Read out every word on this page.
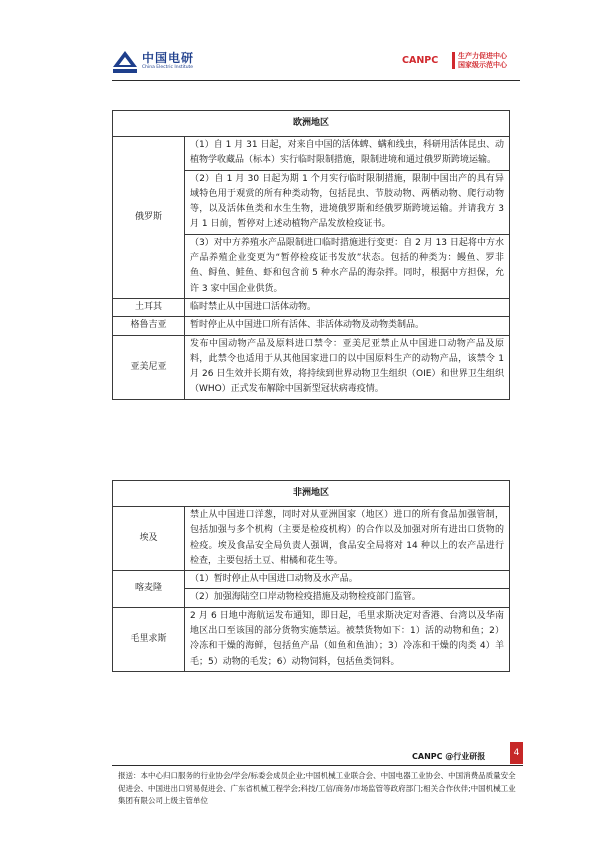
中国电研
China Electric Institute
CANPC	生产力促进中心
国家级示范中心
欧洲地区	
俄罗斯	（1）自 1 月 31 日起，对来自中国的活体蜱、螨和线虫，科研用活体昆虫、动植物学收藏品（标本）实行临时限制措施，限制进境和通过俄罗斯跨境运输。
	（2）自 1 月 30 日起为期 1 个月实行临时限制措施，限制中国出产的具有异域特色用于观赏的所有种类动物，包括昆虫、节肢动物、两栖动物、爬行动物等，以及活体鱼类和水生生物，进境俄罗斯和经俄罗斯跨境运输。并请我方 3 月 1 日前，暂停对上述动植物产品发放检疫证书。
	（3）对中方养殖水产品限制进口临时措施进行变更：自 2 月 13 日起将中方水产品养殖企业变更为“暂停检疫证书发放”状态。包括的种类为：鳗鱼、罗非鱼、鲟鱼、鲑鱼、虾和包含前 5 种水产品的海杂拌。同时，根据中方担保，允许 3 家中国企业供货。
土耳其	临时禁止从中国进口活体动物。
格鲁吉亚	暂时停止从中国进口所有活体、非活体动物及动物类制品。
亚美尼亚	发布中国动物产品及原料进口禁令：亚美尼亚禁止从中国进口动物产品及原料，此禁令也适用于从其他国家进口的以中国原料生产的动物产品，该禁令 1 月 26 日生效并长期有效，将持续到世界动物卫生组织（OIE）和世界卫生组织（WHO）正式发布解除中国新型冠状病毒疫情。
非洲地区	
埃及	禁止从中国进口洋葱，同时对从亚洲国家（地区）进口的所有食品加强管制，包括加强与多个机构（主要是检疫机构）的合作以及加强对所有进出口货物的检疫。埃及食品安全局负责人强调，食品安全局将对 14 种以上的农产品进行检查，主要包括土豆、柑橘和花生等。
喀麦隆	（1）暂时停止从中国进口动物及水产品。
	（2）加强海陆空口岸动物检疫措施及动物检疫部门监管。
毛里求斯	2 月 6 日地中海航运发布通知，即日起，毛里求斯决定对香港、台湾以及华南地区出口至该国的部分货物实施禁运。被禁货物如下：1）活的动物和鱼；2）冷冻和干燥的海鲜，包括鱼产品（如鱼和鱼油）；3）冷冻和干燥的肉类 4）羊毛；5）动物的毛发；6）动物饲料，包括鱼类饲料。
CANPC @行业研报	4
报送：本中心归口服务的行业协会/学会/标委会成员企业;中国机械工业联合会、中国电器工业协会、中国消费品质量安全促进会、中国进出口贸易促进会、广东省机械工程学会;科技/工信/商务/市场监管等政府部门;相关合作伙伴;中国机械工业集团有限公司上级主管单位
